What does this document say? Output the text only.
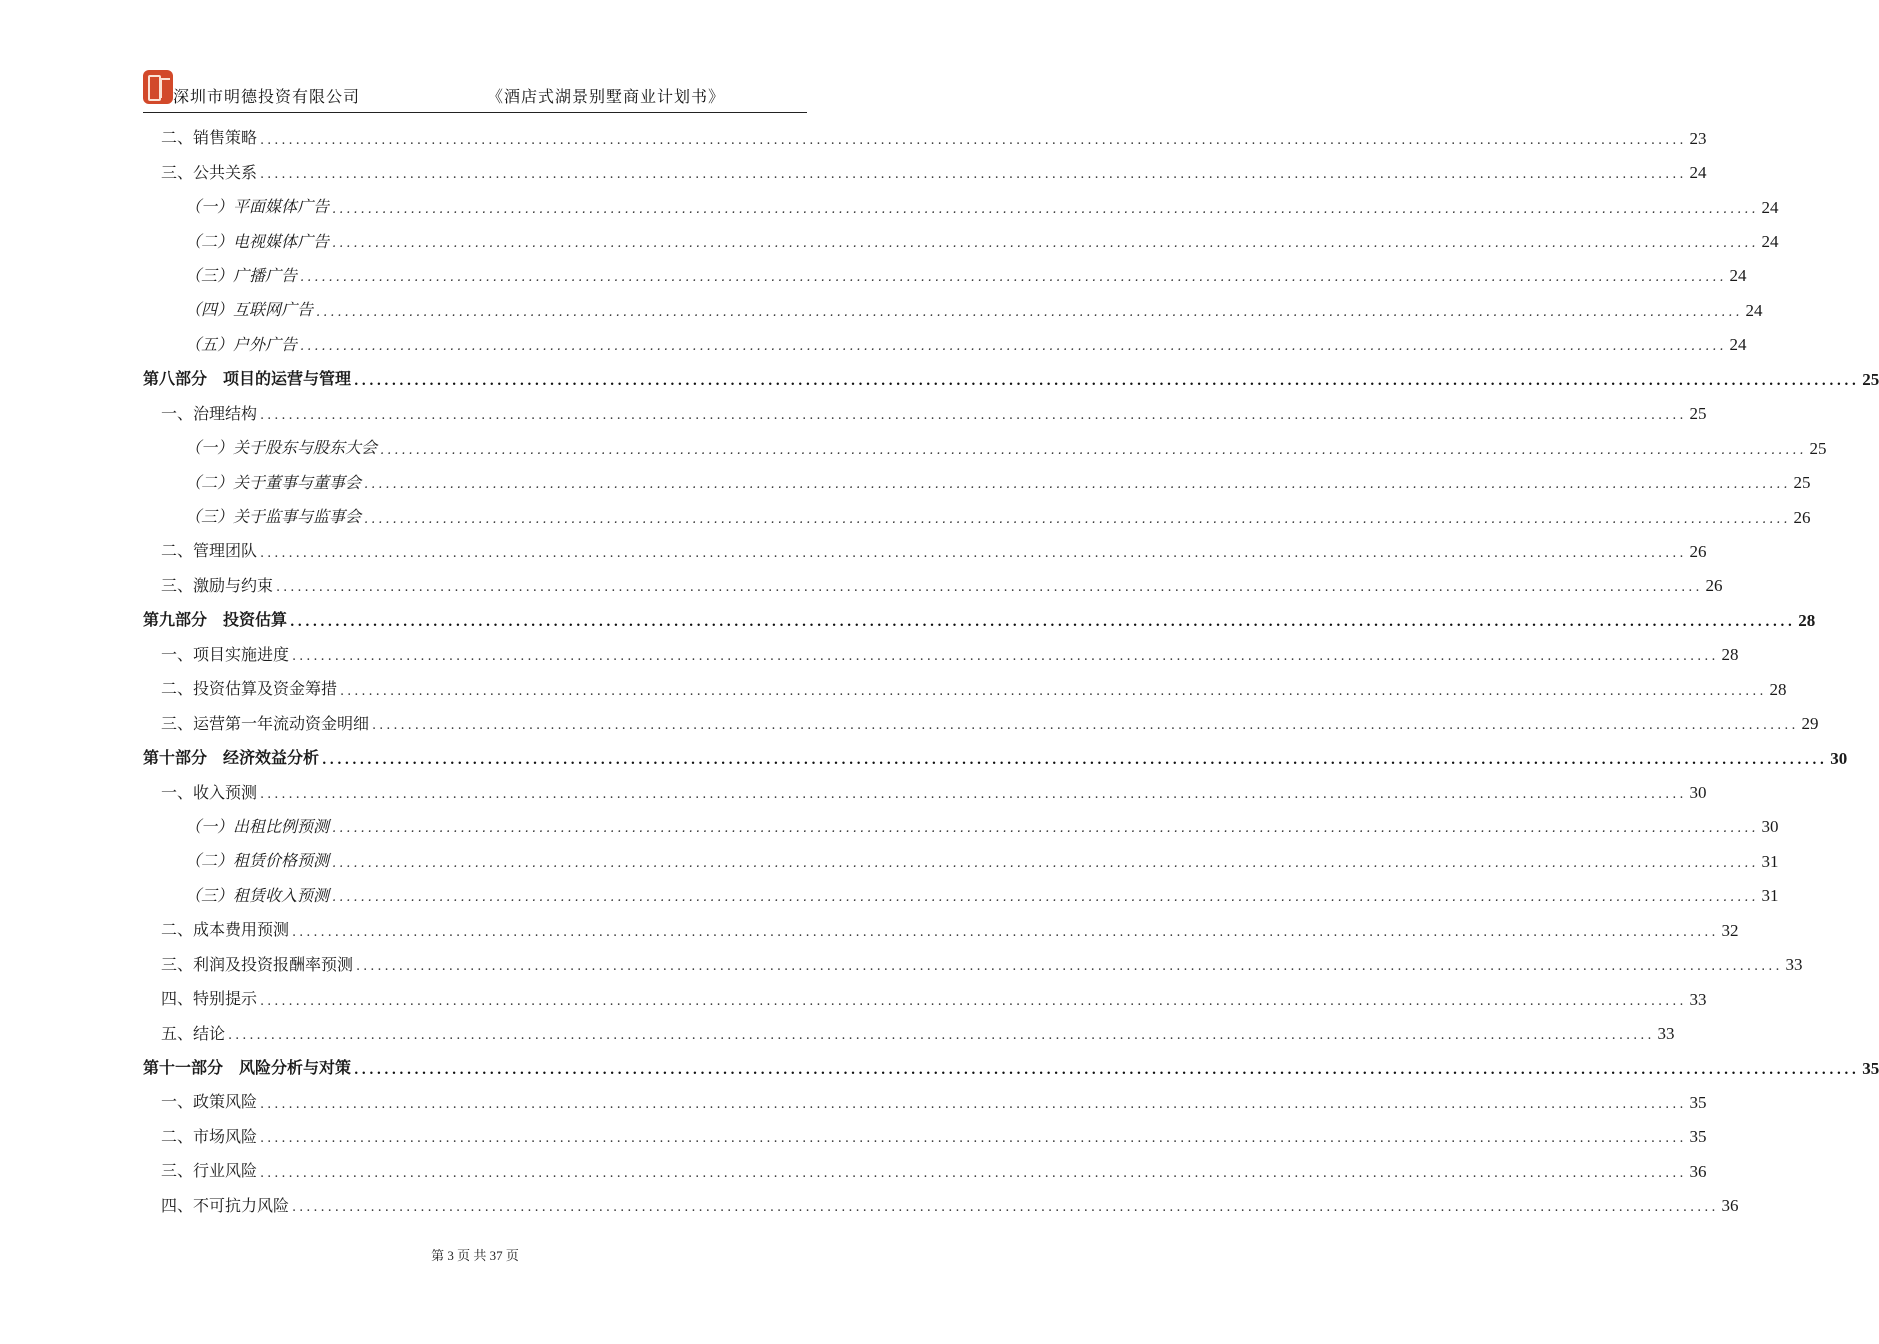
深圳市明德投资有限公司	《酒店式湖景别墅商业计划书》
二、销售策略 ........................................................................................................................................................................................................ 23
三、公共关系 ........................................................................................................................................................................................................ 24
（一）平面媒体广告 ........................................................................................................................................................................................................ 24
（二）电视媒体广告 ........................................................................................................................................................................................................ 24
（三）广播广告 ........................................................................................................................................................................................................ 24
（四）互联网广告 ........................................................................................................................................................................................................ 24
（五）户外广告 ........................................................................................................................................................................................................ 24
第八部分　项目的运营与管理 ........................................................................................................................................................................................................ 25
一、治理结构 ........................................................................................................................................................................................................ 25
（一）关于股东与股东大会 ........................................................................................................................................................................................................ 25
（二）关于董事与董事会 ........................................................................................................................................................................................................ 25
（三）关于监事与监事会 ........................................................................................................................................................................................................ 26
二、管理团队 ........................................................................................................................................................................................................ 26
三、激励与约束 ........................................................................................................................................................................................................ 26
第九部分　投资估算 ........................................................................................................................................................................................................ 28
一、项目实施进度 ........................................................................................................................................................................................................ 28
二、投资估算及资金筹措 ........................................................................................................................................................................................................ 28
三、运营第一年流动资金明细 ........................................................................................................................................................................................................ 29
第十部分　经济效益分析 ........................................................................................................................................................................................................ 30
一、收入预测 ........................................................................................................................................................................................................ 30
（一）出租比例预测 ........................................................................................................................................................................................................ 30
（二）租赁价格预测 ........................................................................................................................................................................................................ 31
（三）租赁收入预测 ........................................................................................................................................................................................................ 31
二、成本费用预测 ........................................................................................................................................................................................................ 32
三、利润及投资报酬率预测 ........................................................................................................................................................................................................ 33
四、特别提示 ........................................................................................................................................................................................................ 33
五、结论 ........................................................................................................................................................................................................ 33
第十一部分　风险分析与对策 ........................................................................................................................................................................................................ 35
一、政策风险 ........................................................................................................................................................................................................ 35
二、市场风险 ........................................................................................................................................................................................................ 35
三、行业风险 ........................................................................................................................................................................................................ 36
四、不可抗力风险 ........................................................................................................................................................................................................ 36
第 3 页 共 37 页
